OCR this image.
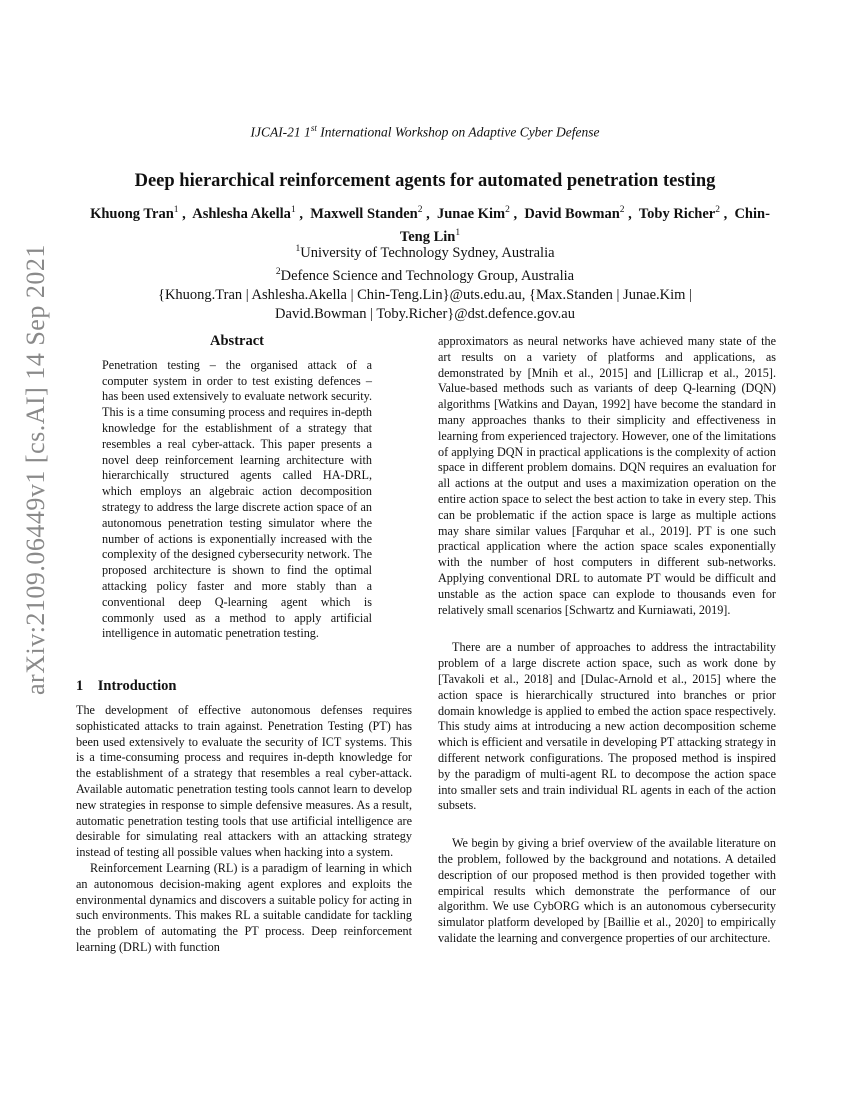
arXiv:2109.06449v1 [cs.AI] 14 Sep 2021
IJCAI-21 1st International Workshop on Adaptive Cyber Defense
Deep hierarchical reinforcement agents for automated penetration testing
Khuong Tran$^1$ ,  Ashlesha Akella$^1$ ,  Maxwell Standen$^2$ ,  Junae Kim$^2$ ,  David Bowman$^2$ ,  Toby Richer$^2$ ,  Chin-Teng Lin$^1$
$^1$University of Technology Sydney, Australia
$^2$Defence Science and Technology Group, Australia
{Khuong.Tran | Ashlesha.Akella | Chin-Teng.Lin}@uts.edu.au, {Max.Standen | Junae.Kim |
David.Bowman | Toby.Richer}@dst.defence.gov.au

Abstract

Penetration testing – the organised attack of a computer system in order to test existing defences – has been used extensively to evaluate network security. This is a time consuming process and requires in-depth knowledge for the establishment of a strategy that resembles a real cyber-attack. This paper presents a novel deep reinforcement learning architecture with hierarchically structured agents called HA-DRL, which employs an algebraic action decomposition strategy to address the large discrete action space of an autonomous penetration testing simulator where the number of actions is exponentially increased with the complexity of the designed cybersecurity network. The proposed architecture is shown to find the optimal attacking policy faster and more stably than a conventional deep Q-learning agent which is commonly used as a method to apply artificial intelligence in automatic penetration testing.

1 Introduction

The development of effective autonomous defenses requires sophisticated attacks to train against. Penetration Testing (PT) has been used extensively to evaluate the security of ICT systems. This is a time-consuming process and requires in-depth knowledge for the establishment of a strategy that resembles a real cyber-attack. Available automatic penetration testing tools cannot learn to develop new strategies in response to simple defensive measures. As a result, automatic penetration testing tools that use artificial intelligence are desirable for simulating real attackers with an attacking strategy instead of testing all possible values when hacking into a system.

Reinforcement Learning (RL) is a paradigm of learning in which an autonomous decision-making agent explores and exploits the environmental dynamics and discovers a suitable policy for acting in such environments. This makes RL a suitable candidate for tackling the problem of automating the PT process. Deep reinforcement learning (DRL) with function

approximators as neural networks have achieved many state of the art results on a variety of platforms and applications, as demonstrated by [Mnih et al., 2015] and [Lillicrap et al., 2015]. Value-based methods such as variants of deep Q-learning (DQN) algorithms [Watkins and Dayan, 1992] have become the standard in many approaches thanks to their simplicity and effectiveness in learning from experienced trajectory. However, one of the limitations of applying DQN in practical applications is the complexity of action space in different problem domains. DQN requires an evaluation for all actions at the output and uses a maximization operation on the entire action space to select the best action to take in every step. This can be problematic if the action space is large as multiple actions may share similar values [Farquhar et al., 2019]. PT is one such practical application where the action space scales exponentially with the number of host computers in different sub-networks. Applying conventional DRL to automate PT would be difficult and unstable as the action space can explode to thousands even for relatively small scenarios [Schwartz and Kurniawati, 2019].

There are a number of approaches to address the intractability problem of a large discrete action space, such as work done by [Tavakoli et al., 2018] and [Dulac-Arnold et al., 2015] where the action space is hierarchically structured into branches or prior domain knowledge is applied to embed the action space respectively. This study aims at introducing a new action decomposition scheme which is efficient and versatile in developing PT attacking strategy in different network configurations. The proposed method is inspired by the paradigm of multi-agent RL to decompose the action space into smaller sets and train individual RL agents in each of the action subsets.

We begin by giving a brief overview of the available literature on the problem, followed by the background and notations. A detailed description of our proposed method is then provided together with empirical results which demonstrate the performance of our algorithm. We use CybORG which is an autonomous cybersecurity simulator platform developed by [Baillie et al., 2020] to empirically validate the learning and convergence properties of our architecture.
